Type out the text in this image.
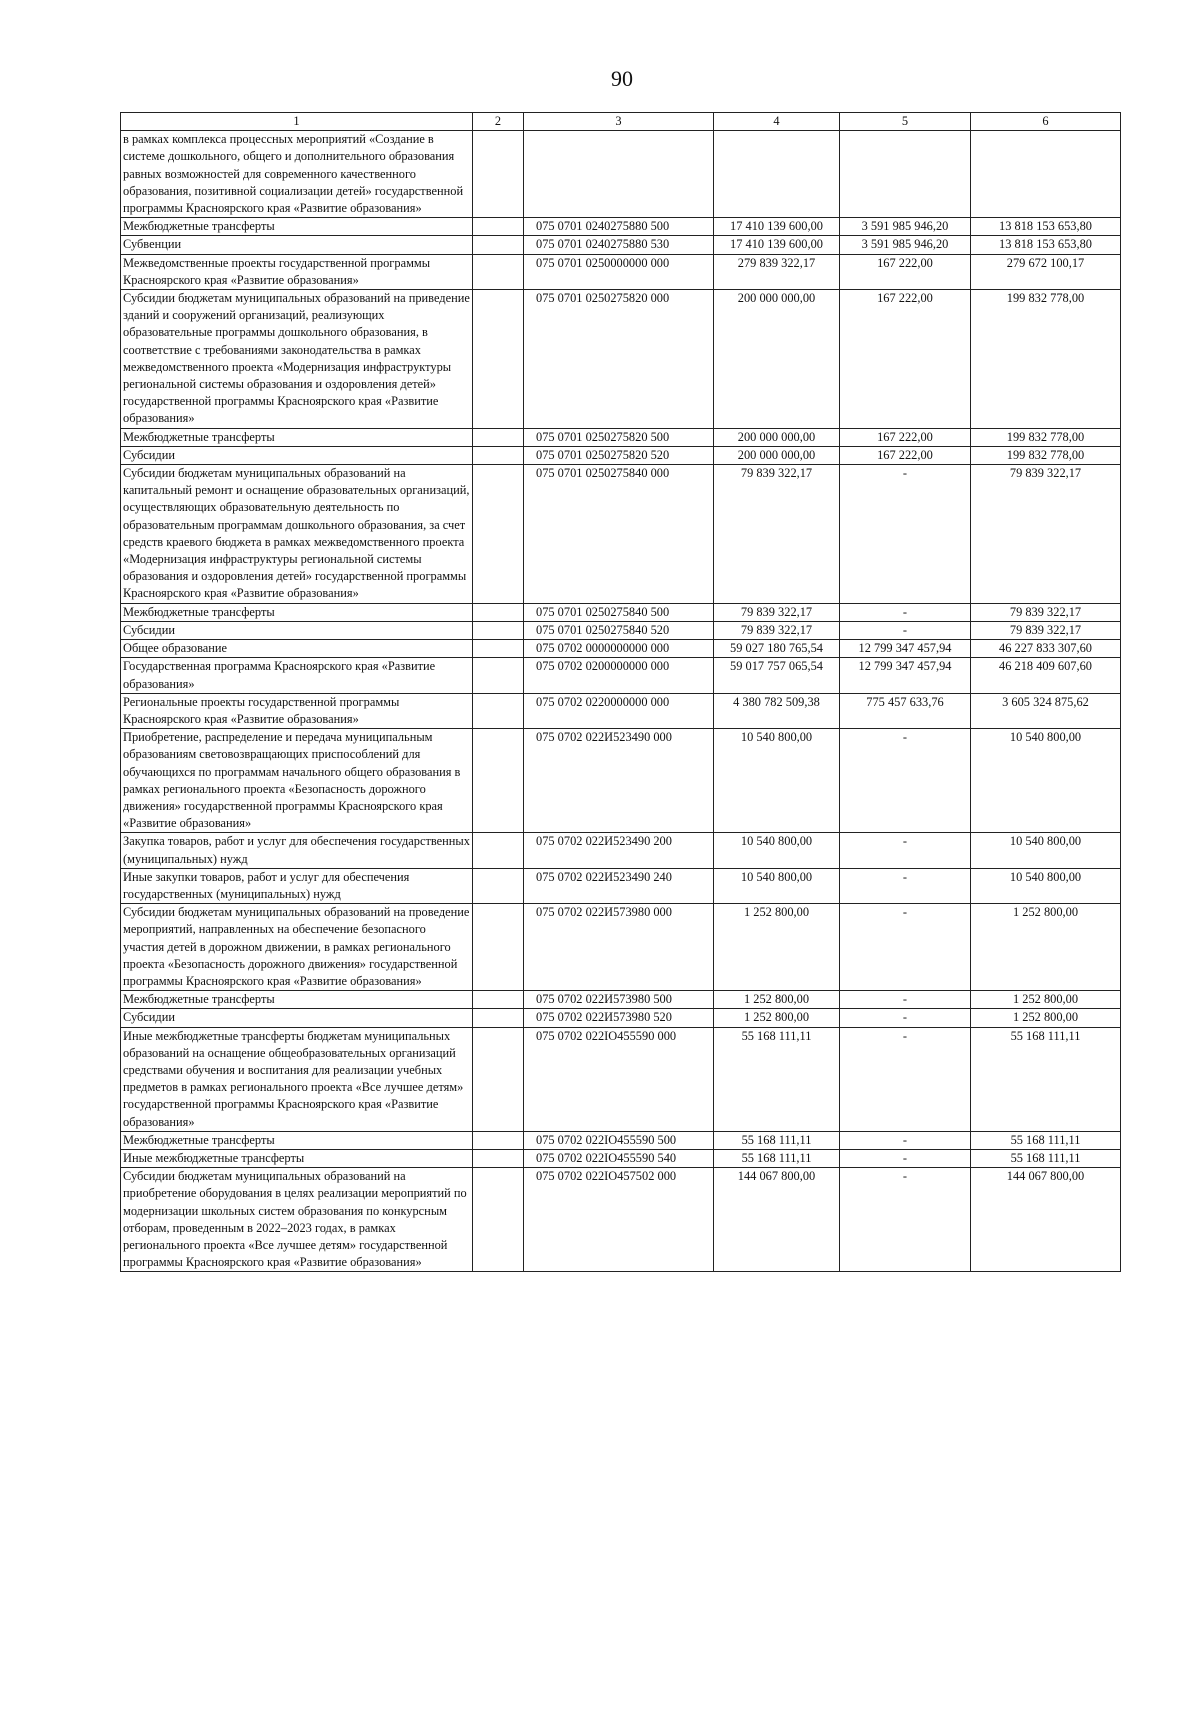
90
1	2	3	4	5	6
в рамках комплекса процессных мероприятий «Создание в системе дошкольного, общего и дополнительного образования равных возможностей для современного качественного образования, позитивной социализации детей» государственной программы Красноярского края «Развитие образования»					
Межбюджетные трансферты		075 0701 0240275880 500	17 410 139 600,00	3 591 985 946,20	13 818 153 653,80
Субвенции		075 0701 0240275880 530	17 410 139 600,00	3 591 985 946,20	13 818 153 653,80
Межведомственные проекты государственной программы Красноярского края «Развитие образования»		075 0701 0250000000 000	279 839 322,17	167 222,00	279 672 100,17
Субсидии бюджетам муниципальных образований на приведение зданий и сооружений организаций, реализующих образовательные программы дошкольного образования, в соответствие с требованиями законодательства в рамках межведомственного проекта «Модернизация инфраструктуры региональной системы образования и оздоровления детей» государственной программы Красноярского края «Развитие образования»		075 0701 0250275820 000	200 000 000,00	167 222,00	199 832 778,00
Межбюджетные трансферты		075 0701 0250275820 500	200 000 000,00	167 222,00	199 832 778,00
Субсидии		075 0701 0250275820 520	200 000 000,00	167 222,00	199 832 778,00
Субсидии бюджетам муниципальных образований на капитальный ремонт и оснащение образовательных организаций, осуществляющих образовательную деятельность по образовательным программам дошкольного образования, за счет средств краевого бюджета в рамках межведомственного проекта «Модернизация инфраструктуры региональной системы образования и оздоровления детей» государственной программы Красноярского края «Развитие образования»		075 0701 0250275840 000	79 839 322,17	-	79 839 322,17
Межбюджетные трансферты		075 0701 0250275840 500	79 839 322,17	-	79 839 322,17
Субсидии		075 0701 0250275840 520	79 839 322,17	-	79 839 322,17
Общее образование		075 0702 0000000000 000	59 027 180 765,54	12 799 347 457,94	46 227 833 307,60
Государственная программа Красноярского края «Развитие образования»		075 0702 0200000000 000	59 017 757 065,54	12 799 347 457,94	46 218 409 607,60
Региональные проекты государственной программы Красноярского края «Развитие образования»		075 0702 0220000000 000	4 380 782 509,38	775 457 633,76	3 605 324 875,62
Приобретение, распределение и передача муниципальным образованиям световозвращающих приспособлений для обучающихся по программам начального общего образования в рамках регионального проекта «Безопасность дорожного движения» государственной программы Красноярского края «Развитие образования»		075 0702 022И523490 000	10 540 800,00	-	10 540 800,00
Закупка товаров, работ и услуг для обеспечения государственных (муниципальных) нужд		075 0702 022И523490 200	10 540 800,00	-	10 540 800,00
Иные закупки товаров, работ и услуг для обеспечения государственных (муниципальных) нужд		075 0702 022И523490 240	10 540 800,00	-	10 540 800,00
Субсидии бюджетам муниципальных образований на проведение мероприятий, направленных на обеспечение безопасного участия детей в дорожном движении, в рамках регионального проекта «Безопасность дорожного движения» государственной программы Красноярского края «Развитие образования»		075 0702 022И573980 000	1 252 800,00	-	1 252 800,00
Межбюджетные трансферты		075 0702 022И573980 500	1 252 800,00	-	1 252 800,00
Субсидии		075 0702 022И573980 520	1 252 800,00	-	1 252 800,00
Иные межбюджетные трансферты бюджетам муниципальных образований на оснащение общеобразовательных организаций средствами обучения и воспитания для реализации учебных предметов в рамках регионального проекта «Все лучшее детям» государственной программы Красноярского края «Развитие образования»		075 0702 022IO455590 000	55 168 111,11	-	55 168 111,11
Межбюджетные трансферты		075 0702 022IO455590 500	55 168 111,11	-	55 168 111,11
Иные межбюджетные трансферты		075 0702 022IO455590 540	55 168 111,11	-	55 168 111,11
Субсидии бюджетам муниципальных образований на приобретение оборудования в целях реализации мероприятий по модернизации школьных систем образования по конкурсным отборам, проведенным в 2022–2023 годах, в рамках регионального проекта «Все лучшее детям» государственной программы Красноярского края «Развитие образования»		075 0702 022IO457502 000	144 067 800,00	-	144 067 800,00
